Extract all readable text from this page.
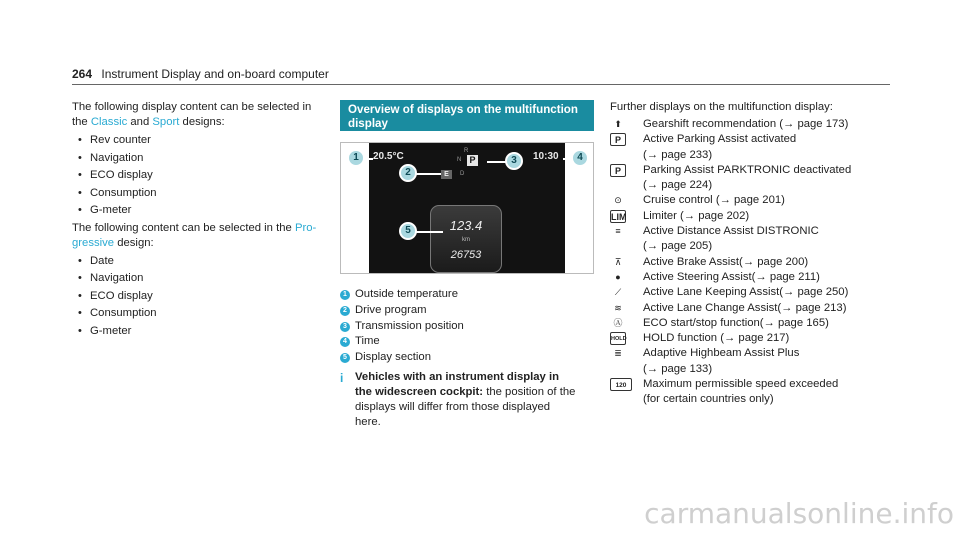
264 Instrument Display and on-board computer

The following display content can be selected in the Classic and Sport designs:

• Rev counter
• Navigation
• ECO display
• Consumption
• G-meter

The following content can be selected in the Pro-
gressive design:

• Date
• Navigation
• ECO display
• Consumption
• G-meter
Overview of displays on the multifunction
display
20.5°C	10:30
R
N P
D
E
123.4
km
26753
1
2
3	4
5
1 Outside temperature
2 Drive program
3 Transmission position
4 Time
5 Display section
i Vehicles with an instrument display in
the widescreen cockpit: the position of the
displays will differ from those displayed
here.

Further displays on the multifunction display:

⬆	Gearshift recommendation (→ page 173)
P	Active Parking Assist activated
(→ page 233)
P	Parking Assist PARKTRONIC deactivated
(→ page 224)
⊙	Cruise control (→ page 201)
LIM Limiter (→ page 202)
≡	Active Distance Assist DISTRONIC
(→ page 205)
⊼	Active Brake Assist(→ page 200)
●	Active Steering Assist(→ page 211)
⟋	Active Lane Keeping Assist(→ page 250)
≋	Active Lane Change Assist(→ page 213)
Ⓐ	ECO start/stop function(→ page 165)
HOLD HOLD function (→ page 217)
≣	Adaptive Highbeam Assist Plus
(→ page 133)
120	Maximum permissible speed exceeded
(for certain countries only)
carmanualsonline.info
